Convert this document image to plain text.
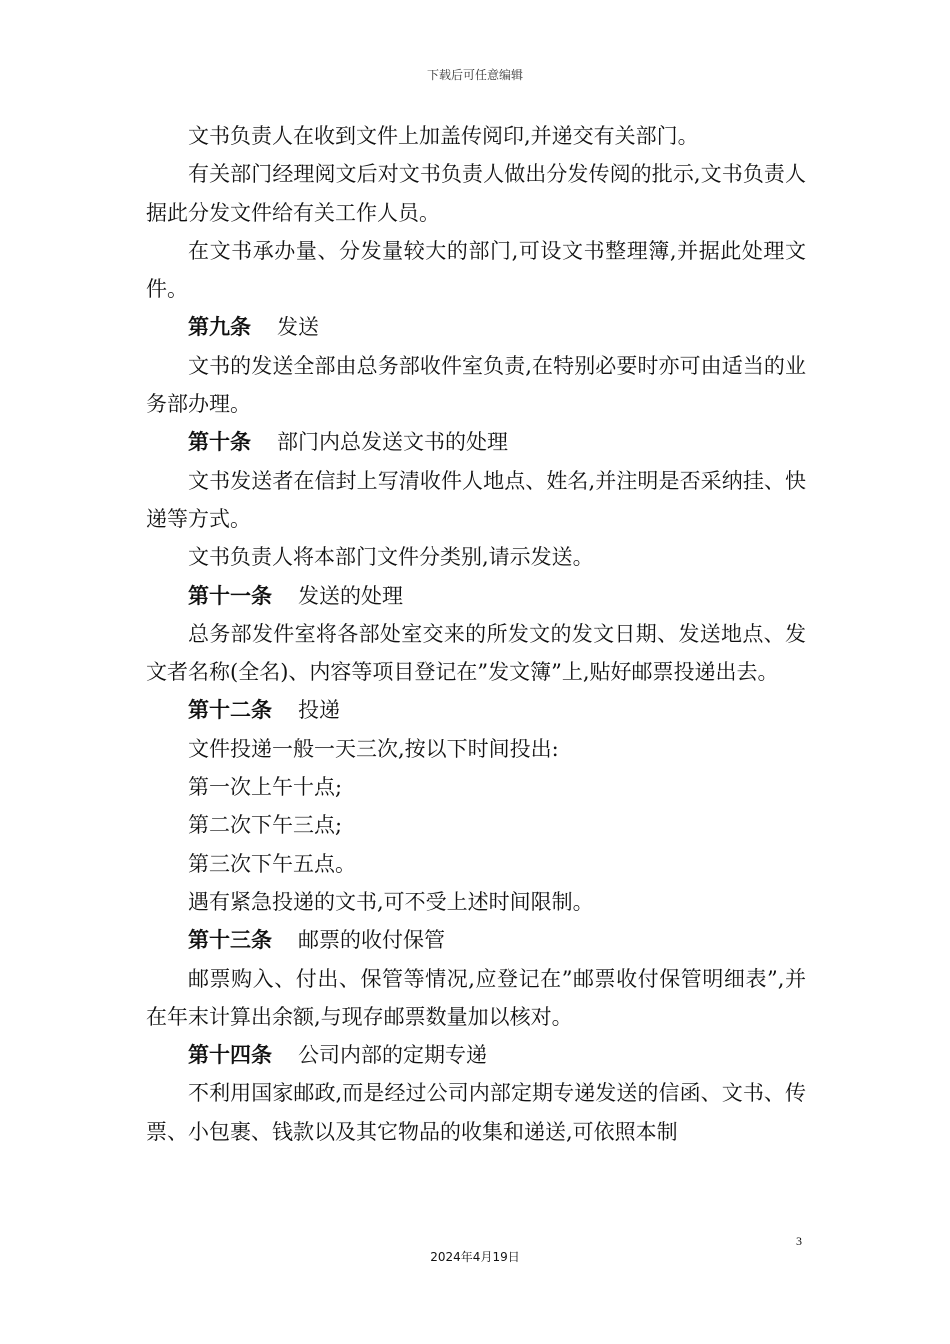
下载后可任意编辑

文书负责人在收到文件上加盖传阅印,并递交有关部门。

有关部门经理阅文后对文书负责人做出分发传阅的批示,文书负责人据此分发文件给有关工作人员。

在文书承办量、分发量较大的部门,可设文书整理簿,并据此处理文件。

第九条 发送

文书的发送全部由总务部收件室负责,在特别必要时亦可由适当的业务部办理。

第十条 部门内总发送文书的处理

文书发送者在信封上写清收件人地点、姓名,并注明是否采纳挂、快递等方式。

文书负责人将本部门文件分类别,请示发送。

第十一条 发送的处理

总务部发件室将各部处室交来的所发文的发文日期、发送地点、发文者名称(全名)、内容等项目登记在”发文簿”上,贴好邮票投递出去。

第十二条 投递

文件投递一般一天三次,按以下时间投出:

第一次上午十点;

第二次下午三点;

第三次下午五点。

遇有紧急投递的文书,可不受上述时间限制。

第十三条 邮票的收付保管

邮票购入、付出、保管等情况,应登记在”邮票收付保管明细表”,并在年末计算出余额,与现存邮票数量加以核对。

第十四条 公司内部的定期专递

不利用国家邮政,而是经过公司内部定期专递发送的信函、文书、传票、小包裹、钱款以及其它物品的收集和递送,可依照本制

3
2024年4月19日
